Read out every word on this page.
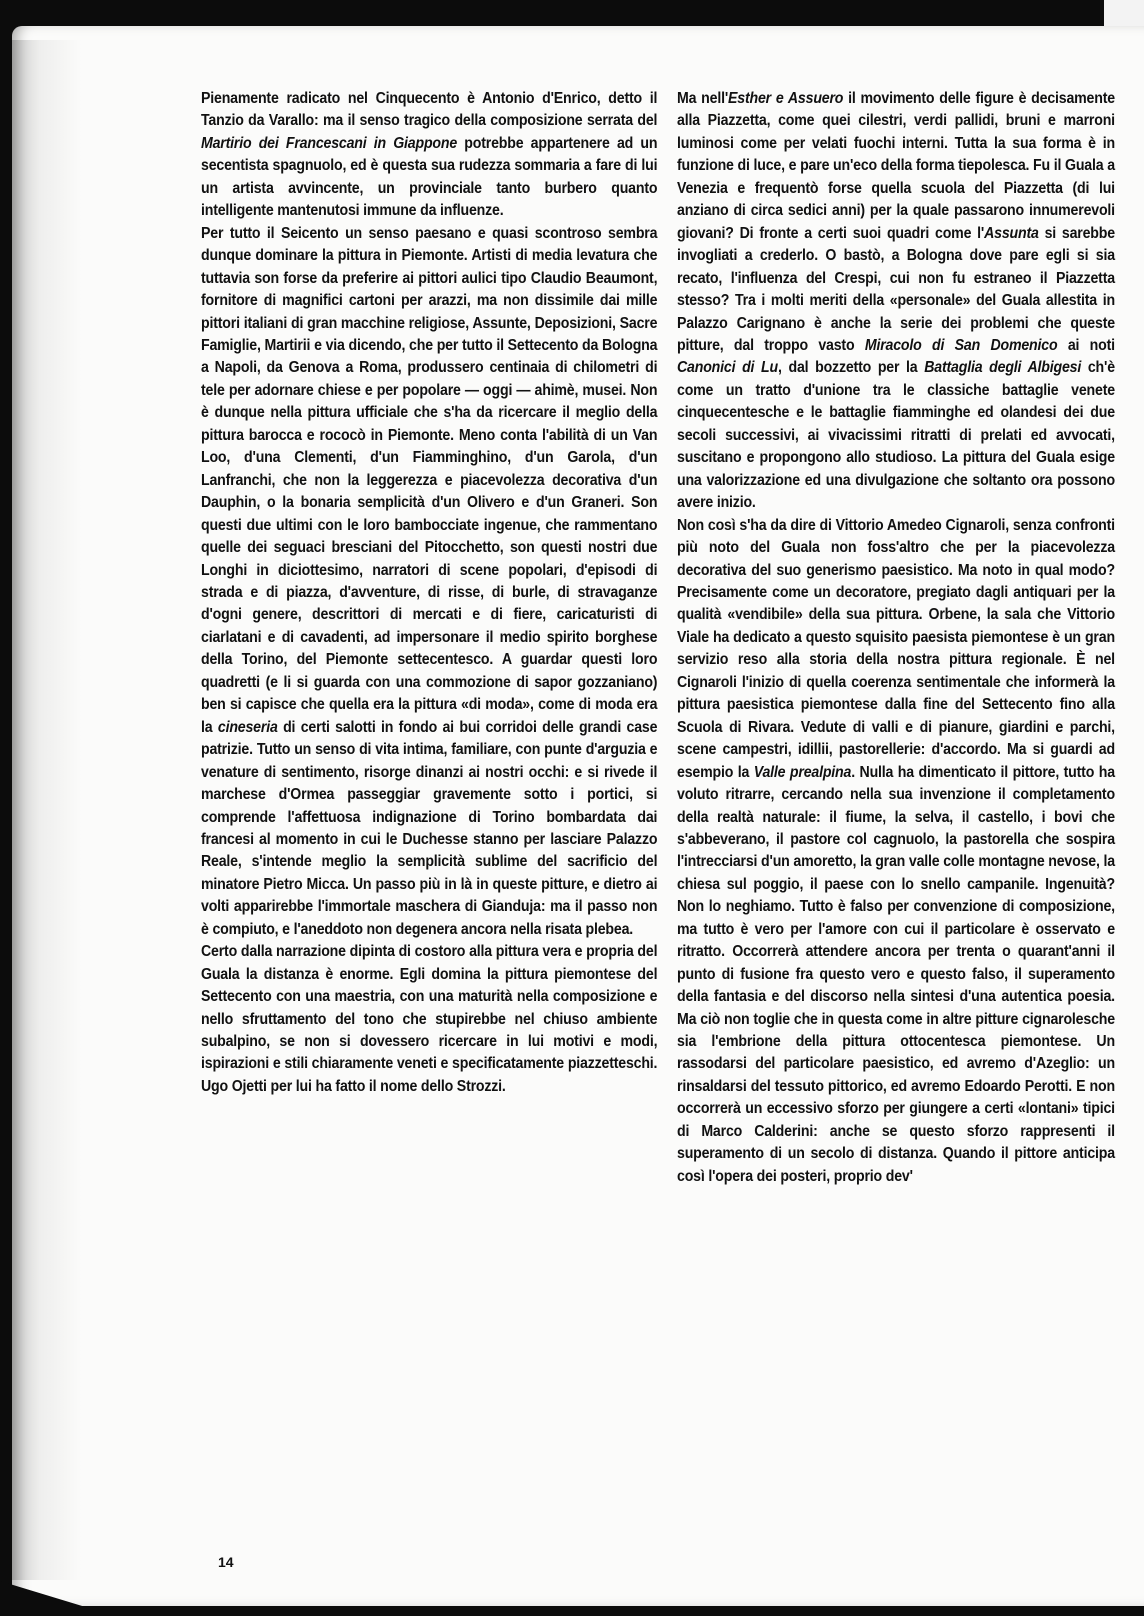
Pienamente radicato nel Cinquecento è Antonio d'Enrico, detto il Tanzio da Varallo: ma il senso tragico della composizione serrata del Martirio dei Francescani in Giappone potrebbe appartenere ad un secentista spagnuolo, ed è questa sua rudezza sommaria a fare di lui un artista avvincente, un provinciale tanto burbero quanto intelligente mantenutosi immune da influenze.

Per tutto il Seicento un senso paesano e quasi scontroso sembra dunque dominare la pittura in Piemonte. Artisti di media levatura che tuttavia son forse da preferire ai pittori aulici tipo Claudio Beaumont, fornitore di magnifici cartoni per arazzi, ma non dissimile dai mille pittori italiani di gran macchine religiose, Assunte, Deposizioni, Sacre Famiglie, Martirii e via dicendo, che per tutto il Settecento da Bologna a Napoli, da Genova a Roma, produssero centinaia di chilometri di tele per adornare chiese e per popolare — oggi — ahimè, musei. Non è dunque nella pittura ufficiale che s'ha da ricercare il meglio della pittura barocca e rococò in Piemonte. Meno conta l'abilità di un Van Loo, d'una Clementi, d'un Fiamminghino, d'un Garola, d'un Lanfranchi, che non la leggerezza e piacevolezza decorativa d'un Dauphin, o la bonaria semplicità d'un Olivero e d'un Graneri. Son questi due ultimi con le loro bambocciate ingenue, che rammentano quelle dei seguaci bresciani del Pitocchetto, son questi nostri due Longhi in diciottesimo, narratori di scene popolari, d'episodi di strada e di piazza, d'avventure, di risse, di burle, di stravaganze d'ogni genere, descrittori di mercati e di fiere, caricaturisti di ciarlatani e di cavadenti, ad impersonare il medio spirito borghese della Torino, del Piemonte settecentesco. A guardar questi loro quadretti (e li si guarda con una commozione di sapor gozzaniano) ben si capisce che quella era la pittura «di moda», come di moda era la cineseria di certi salotti in fondo ai bui corridoi delle grandi case patrizie. Tutto un senso di vita intima, familiare, con punte d'arguzia e venature di sentimento, risorge dinanzi ai nostri occhi: e si rivede il marchese d'Ormea passeggiar gravemente sotto i portici, si comprende l'affettuosa indignazione di Torino bombardata dai francesi al momento in cui le Duchesse stanno per lasciare Palazzo Reale, s'intende meglio la semplicità sublime del sacrificio del minatore Pietro Micca. Un passo più in là in queste pitture, e dietro ai volti apparirebbe l'immortale maschera di Gianduja: ma il passo non è compiuto, e l'aneddoto non degenera ancora nella risata plebea.

Certo dalla narrazione dipinta di costoro alla pittura vera e propria del Guala la distanza è enorme. Egli domina la pittura piemontese del Settecento con una maestria, con una maturità nella composizione e nello sfruttamento del tono che stupirebbe nel chiuso ambiente subalpino, se non si dovessero ricercare in lui motivi e modi, ispirazioni e stili chiaramente veneti e specificatamente piazzetteschi. Ugo Ojetti per lui ha fatto il nome dello Strozzi.

Ma nell'Esther e Assuero il movimento delle figure è decisamente alla Piazzetta, come quei cilestri, verdi pallidi, bruni e marroni luminosi come per velati fuochi interni. Tutta la sua forma è in funzione di luce, e pare un'eco della forma tiepolesca. Fu il Guala a Venezia e frequentò forse quella scuola del Piazzetta (di lui anziano di circa sedici anni) per la quale passarono innumerevoli giovani? Di fronte a certi suoi quadri come l'Assunta si sarebbe invogliati a crederlo. O bastò, a Bologna dove pare egli si sia recato, l'influenza del Crespi, cui non fu estraneo il Piazzetta stesso? Tra i molti meriti della «personale» del Guala allestita in Palazzo Carignano è anche la serie dei problemi che queste pitture, dal troppo vasto Miracolo di San Domenico ai noti Canonici di Lu, dal bozzetto per la Battaglia degli Albigesi ch'è come un tratto d'unione tra le classiche battaglie venete cinquecentesche e le battaglie fiamminghe ed olandesi dei due secoli successivi, ai vivacissimi ritratti di prelati ed avvocati, suscitano e propongono allo studioso. La pittura del Guala esige una valorizzazione ed una divulgazione che soltanto ora possono avere inizio.

Non così s'ha da dire di Vittorio Amedeo Cignaroli, senza confronti più noto del Guala non foss'altro che per la piacevolezza decorativa del suo generismo paesistico. Ma noto in qual modo? Precisamente come un decoratore, pregiato dagli antiquari per la qualità «vendibile» della sua pittura. Orbene, la sala che Vittorio Viale ha dedicato a questo squisito paesista piemontese è un gran servizio reso alla storia della nostra pittura regionale. È nel Cignaroli l'inizio di quella coerenza sentimentale che informerà la pittura paesistica piemontese dalla fine del Settecento fino alla Scuola di Rivara. Vedute di valli e di pianure, giardini e parchi, scene campestri, idillii, pastorellerie: d'accordo. Ma si guardi ad esempio la Valle prealpina. Nulla ha dimenticato il pittore, tutto ha voluto ritrarre, cercando nella sua invenzione il completamento della realtà naturale: il fiume, la selva, il castello, i bovi che s'abbeverano, il pastore col cagnuolo, la pastorella che sospira l'intrecciarsi d'un amoretto, la gran valle colle montagne nevose, la chiesa sul poggio, il paese con lo snello campanile. Ingenuità? Non lo neghiamo. Tutto è falso per convenzione di composizione, ma tutto è vero per l'amore con cui il particolare è osservato e ritratto. Occorrerà attendere ancora per trenta o quarant'anni il punto di fusione fra questo vero e questo falso, il superamento della fantasia e del discorso nella sintesi d'una autentica poesia. Ma ciò non toglie che in questa come in altre pitture cignarolesche sia l'embrione della pittura ottocentesca piemontese. Un rassodarsi del particolare paesistico, ed avremo d'Azeglio: un rinsaldarsi del tessuto pittorico, ed avremo Edoardo Perotti. E non occorrerà un eccessivo sforzo per giungere a certi «lontani» tipici di Marco Calderini: anche se questo sforzo rappresenti il superamento di un secolo di distanza. Quando il pittore anticipa così l'opera dei posteri, proprio dev'

14
